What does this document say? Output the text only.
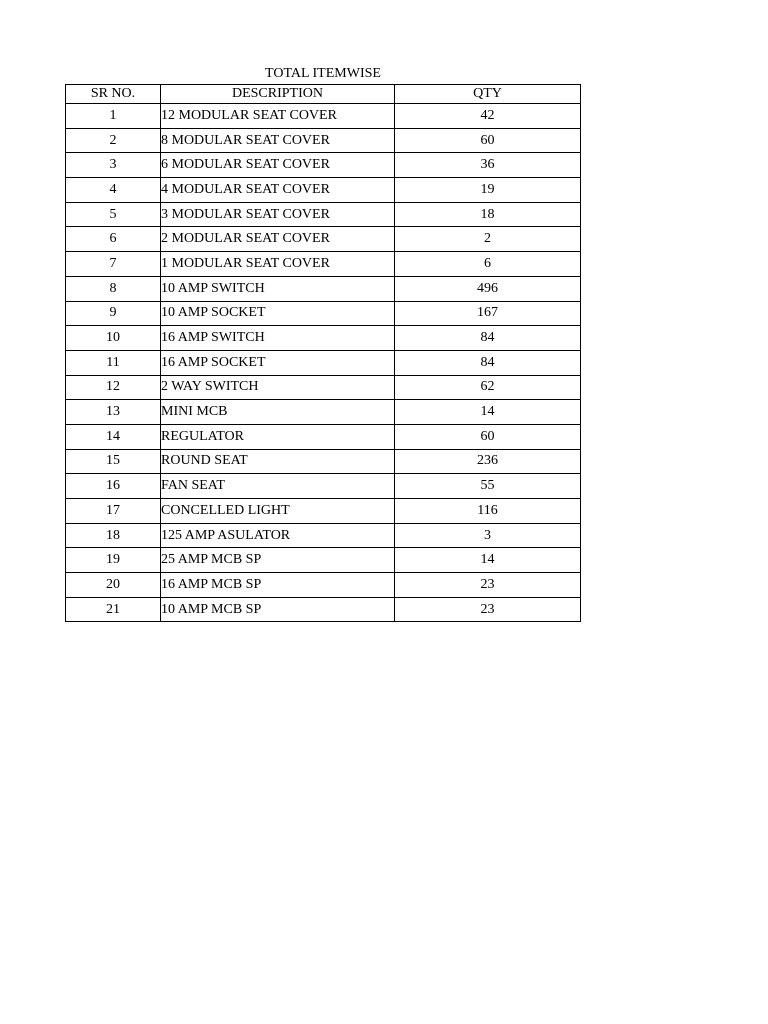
TOTAL ITEMWISE
SR NO.	DESCRIPTION	QTY
1	12 MODULAR SEAT COVER	42
2	8 MODULAR SEAT COVER	60
3	6 MODULAR SEAT COVER	36
4	4 MODULAR SEAT COVER	19
5	3 MODULAR SEAT COVER	18
6	2 MODULAR SEAT COVER	2
7	1 MODULAR SEAT COVER	6
8	10 AMP SWITCH	496
9	10 AMP SOCKET	167
10	16 AMP SWITCH	84
11	16 AMP SOCKET	84
12	2 WAY SWITCH	62
13	MINI MCB	14
14	REGULATOR	60
15	ROUND SEAT	236
16	FAN SEAT	55
17	CONCELLED LIGHT	116
18	125 AMP ASULATOR	3
19	25 AMP MCB SP	14
20	16 AMP MCB SP	23
21	10 AMP MCB SP	23
